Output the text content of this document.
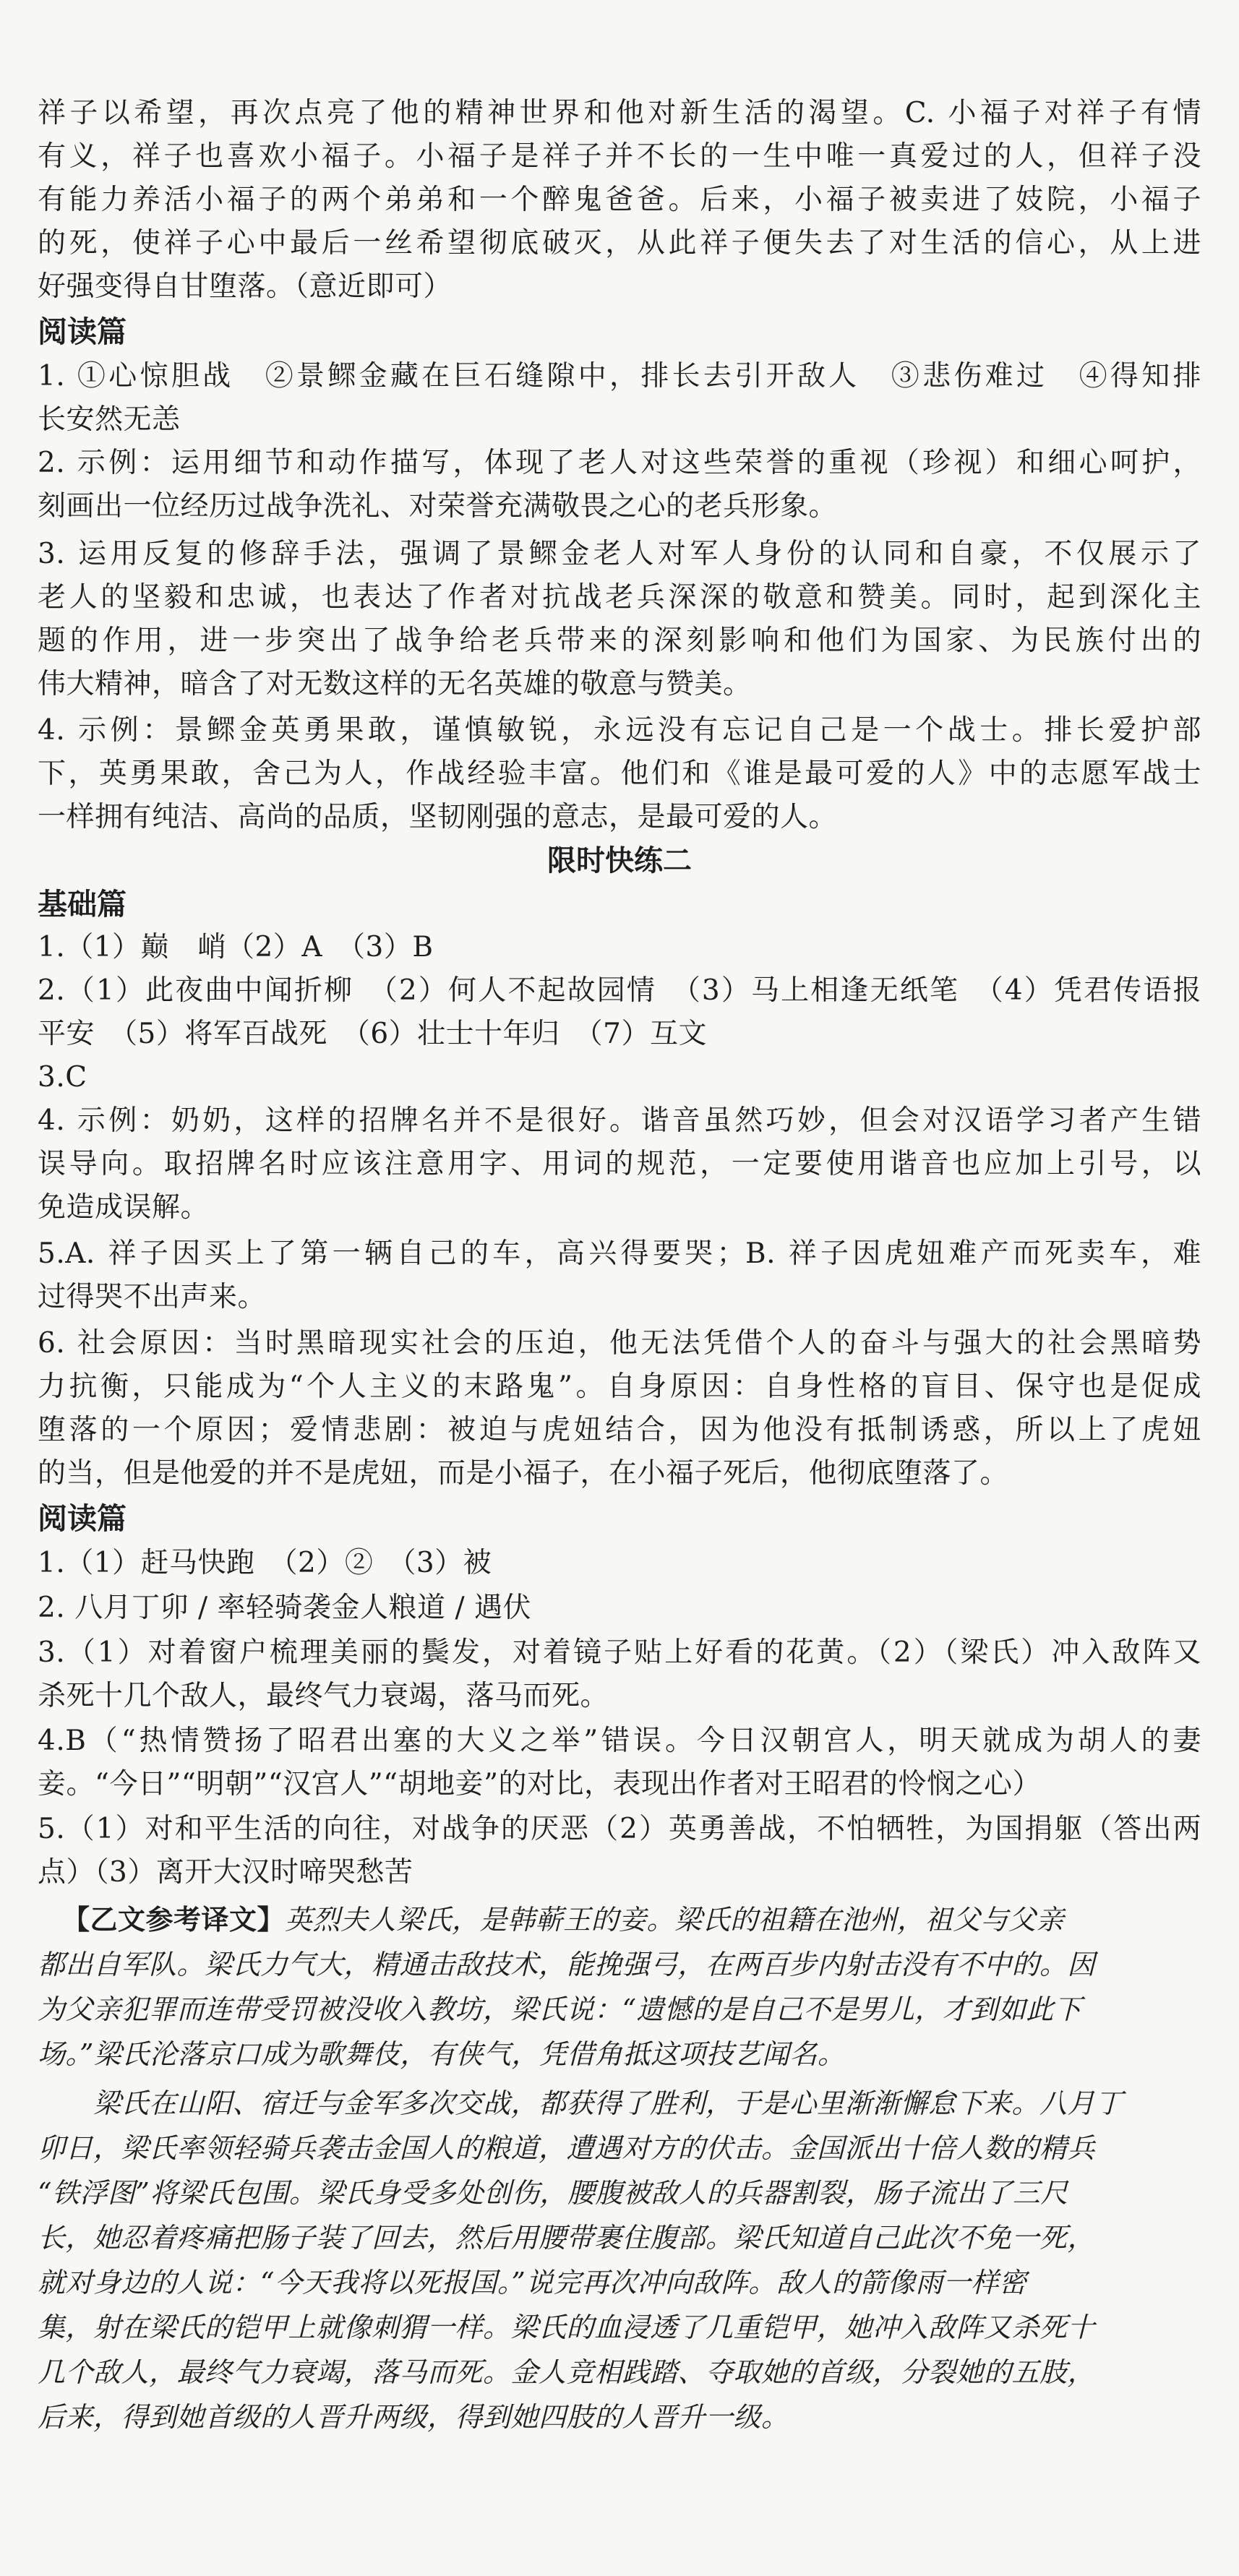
祥子以希望，再次点亮了他的精神世界和他对新生活的渴望。C. 小福子对祥子有情
有义，祥子也喜欢小福子。小福子是祥子并不长的一生中唯一真爱过的人，但祥子没
有能力养活小福子的两个弟弟和一个醉鬼爸爸。后来，小福子被卖进了妓院，小福子
的死，使祥子心中最后一丝希望彻底破灭，从此祥子便失去了对生活的信心，从上进
好强变得自甘堕落。（意近即可）
阅读篇
1. ①心惊胆战　②景鳏金藏在巨石缝隙中，排长去引开敌人　③悲伤难过　④得知排
长安然无恙
2. 示例：运用细节和动作描写，体现了老人对这些荣誉的重视（珍视）和细心呵护，
刻画出一位经历过战争洗礼、对荣誉充满敬畏之心的老兵形象。
3. 运用反复的修辞手法，强调了景鳏金老人对军人身份的认同和自豪，不仅展示了
老人的坚毅和忠诚，也表达了作者对抗战老兵深深的敬意和赞美。同时，起到深化主
题的作用，进一步突出了战争给老兵带来的深刻影响和他们为国家、为民族付出的
伟大精神，暗含了对无数这样的无名英雄的敬意与赞美。
4. 示例：景鳏金英勇果敢，谨慎敏锐，永远没有忘记自己是一个战士。排长爱护部
下，英勇果敢，舍己为人，作战经验丰富。他们和《谁是最可爱的人》中的志愿军战士
一样拥有纯洁、高尚的品质，坚韧刚强的意志，是最可爱的人。
限时快练二
基础篇
1.（1）巅　峭（2）A　（3）B
2.（1）此夜曲中闻折柳　（2）何人不起故园情　（3）马上相逢无纸笔　（4）凭君传语报
平安　（5）将军百战死　（6）壮士十年归　（7）互文
3.C
4. 示例：奶奶，这样的招牌名并不是很好。谐音虽然巧妙，但会对汉语学习者产生错
误导向。取招牌名时应该注意用字、用词的规范，一定要使用谐音也应加上引号，以
免造成误解。
5.A. 祥子因买上了第一辆自己的车，高兴得要哭；B. 祥子因虎妞难产而死卖车，难
过得哭不出声来。
6. 社会原因：当时黑暗现实社会的压迫，他无法凭借个人的奋斗与强大的社会黑暗势
力抗衡，只能成为“个人主义的末路鬼”。自身原因：自身性格的盲目、保守也是促成
堕落的一个原因；爱情悲剧：被迫与虎妞结合，因为他没有抵制诱惑，所以上了虎妞
的当，但是他爱的并不是虎妞，而是小福子，在小福子死后，他彻底堕落了。
阅读篇
1.（1）赶马快跑　（2）②　（3）被
2. 八月丁卯 / 率轻骑袭金人粮道 / 遇伏
3.（1）对着窗户梳理美丽的鬓发，对着镜子贴上好看的花黄。（2）（梁氏）冲入敌阵又
杀死十几个敌人，最终气力衰竭，落马而死。
4.B（“热情赞扬了昭君出塞的大义之举”错误。今日汉朝宫人，明天就成为胡人的妻
妾。“今日”“明朝”“汉宫人”“胡地妾”的对比，表现出作者对王昭君的怜悯之心）
5.（1）对和平生活的向往，对战争的厌恶（2）英勇善战，不怕牺牲，为国捐躯（答出两
点）（3）离开大汉时啼哭愁苦
【乙文参考译文】英烈夫人梁氏，是韩蕲王的妾。梁氏的祖籍在池州，祖父与父亲
都出自军队。梁氏力气大，精通击敌技术，能挽强弓，在两百步内射击没有不中的。因
为父亲犯罪而连带受罚被没收入教坊，梁氏说：“遗憾的是自己不是男儿，才到如此下
场。”梁氏沦落京口成为歌舞伎，有侠气，凭借角抵这项技艺闻名。
　　梁氏在山阳、宿迁与金军多次交战，都获得了胜利，于是心里渐渐懈怠下来。八月丁
卯日，梁氏率领轻骑兵袭击金国人的粮道，遭遇对方的伏击。金国派出十倍人数的精兵
“铁浮图”将梁氏包围。梁氏身受多处创伤，腰腹被敌人的兵器割裂，肠子流出了三尺
长，她忍着疼痛把肠子装了回去，然后用腰带裹住腹部。梁氏知道自己此次不免一死，
就对身边的人说：“今天我将以死报国。”说完再次冲向敌阵。敌人的箭像雨一样密
集，射在梁氏的铠甲上就像刺猬一样。梁氏的血浸透了几重铠甲，她冲入敌阵又杀死十
几个敌人，最终气力衰竭，落马而死。金人竞相践踏、夺取她的首级，分裂她的五肢，
后来，得到她首级的人晋升两级，得到她四肢的人晋升一级。
